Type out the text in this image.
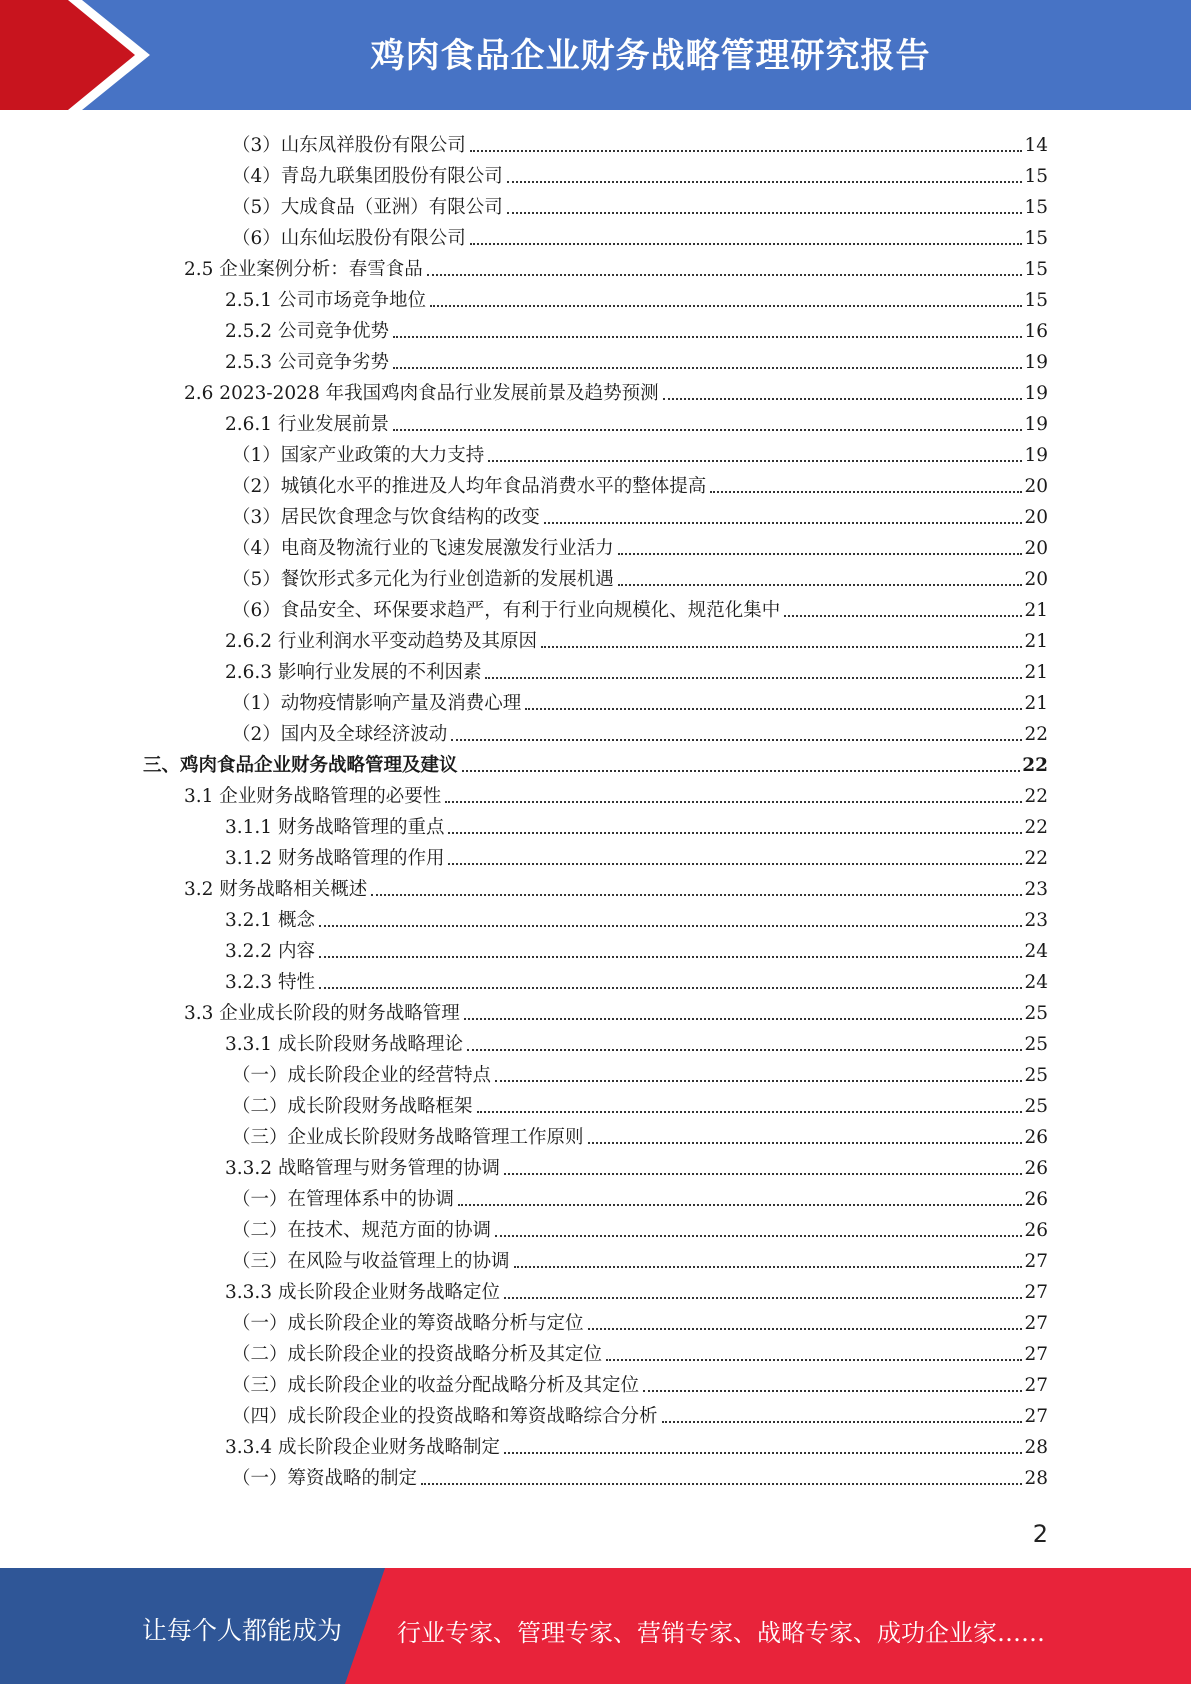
鸡肉食品企业财务战略管理研究报告
（3）山东凤祥股份有限公司	14
（4）青岛九联集团股份有限公司	15
（5）大成食品（亚洲）有限公司	15
（6）山东仙坛股份有限公司	15
2.5 企业案例分析：春雪食品	15
2.5.1 公司市场竞争地位	15
2.5.2 公司竞争优势	16
2.5.3 公司竞争劣势	19
2.6 2023-2028 年我国鸡肉食品行业发展前景及趋势预测	19
2.6.1 行业发展前景	19
（1）国家产业政策的大力支持	19
（2）城镇化水平的推进及人均年食品消费水平的整体提高	20
（3）居民饮食理念与饮食结构的改变	20
（4）电商及物流行业的飞速发展激发行业活力	20
（5）餐饮形式多元化为行业创造新的发展机遇	20
（6）食品安全、环保要求趋严，有利于行业向规模化、规范化集中	21
2.6.2 行业利润水平变动趋势及其原因	21
2.6.3 影响行业发展的不利因素	21
（1）动物疫情影响产量及消费心理	21
（2）国内及全球经济波动	22
三、鸡肉食品企业财务战略管理及建议	22
3.1 企业财务战略管理的必要性	22
3.1.1 财务战略管理的重点	22
3.1.2 财务战略管理的作用	22
3.2 财务战略相关概述	23
3.2.1 概念	23
3.2.2 内容	24
3.2.3 特性	24
3.3 企业成长阶段的财务战略管理	25
3.3.1 成长阶段财务战略理论	25
（一）成长阶段企业的经营特点	25
（二）成长阶段财务战略框架	25
（三）企业成长阶段财务战略管理工作原则	26
3.3.2 战略管理与财务管理的协调	26
（一）在管理体系中的协调	26
（二）在技术、规范方面的协调	26
（三）在风险与收益管理上的协调	27
3.3.3 成长阶段企业财务战略定位	27
（一）成长阶段企业的筹资战略分析与定位	27
（二）成长阶段企业的投资战略分析及其定位	27
（三）成长阶段企业的收益分配战略分析及其定位	27
（四）成长阶段企业的投资战略和筹资战略综合分析	27
3.3.4 成长阶段企业财务战略制定	28
（一）筹资战略的制定	28
2
让每个人都能成为 行业专家、管理专家、营销专家、战略专家、成功企业家……
